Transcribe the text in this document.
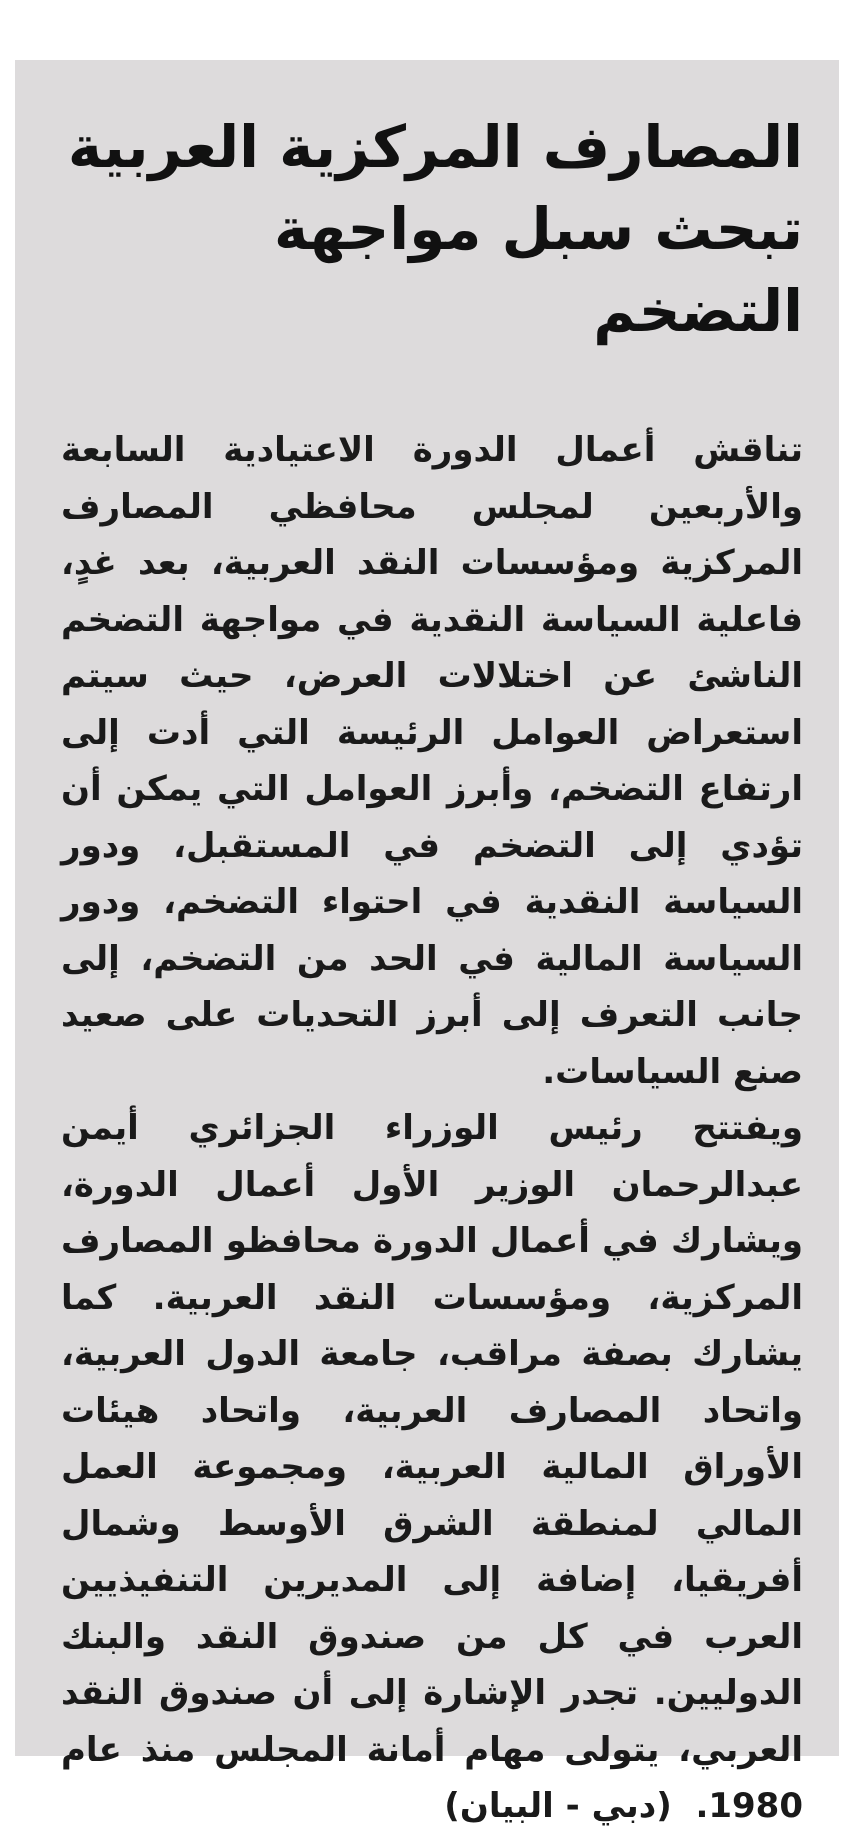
المصارف المركزية العربية
تبحث سبل مواجهة التضخم

تناقش أعمال الدورة الاعتيادية السابعة والأربعين لمجلس محافظي المصارف المركزية ومؤسسات النقد العربية، بعد غدٍ، فاعلية السياسة النقدية في مواجهة التضخم الناشئ عن اختلالات العرض، حيث سيتم استعراض العوامل الرئيسة التي أدت إلى ارتفاع التضخم، وأبرز العوامل التي يمكن أن تؤدي إلى التضخم في المستقبل، ودور السياسة النقدية في احتواء التضخم، ودور السياسة المالية في الحد من التضخم، إلى جانب التعرف إلى أبرز التحديات على صعيد صنع السياسات.

ويفتتح رئيس الوزراء الجزائري أيمن عبدالرحمان الوزير الأول أعمال الدورة، ويشارك في أعمال الدورة محافظو المصارف المركزية، ومؤسسات النقد العربية. كما يشارك بصفة مراقب، جامعة الدول العربية، واتحاد المصارف العربية، واتحاد هيئات الأوراق المالية العربية، ومجموعة العمل المالي لمنطقة الشرق الأوسط وشمال أفريقيا، إضافة إلى المديرين التنفيذيين العرب في كل من صندوق النقد والبنك الدوليين. تجدر الإشارة إلى أن صندوق النقد العربي، يتولى مهام أمانة المجلس منذ عام 1980.  (دبي - البيان)
